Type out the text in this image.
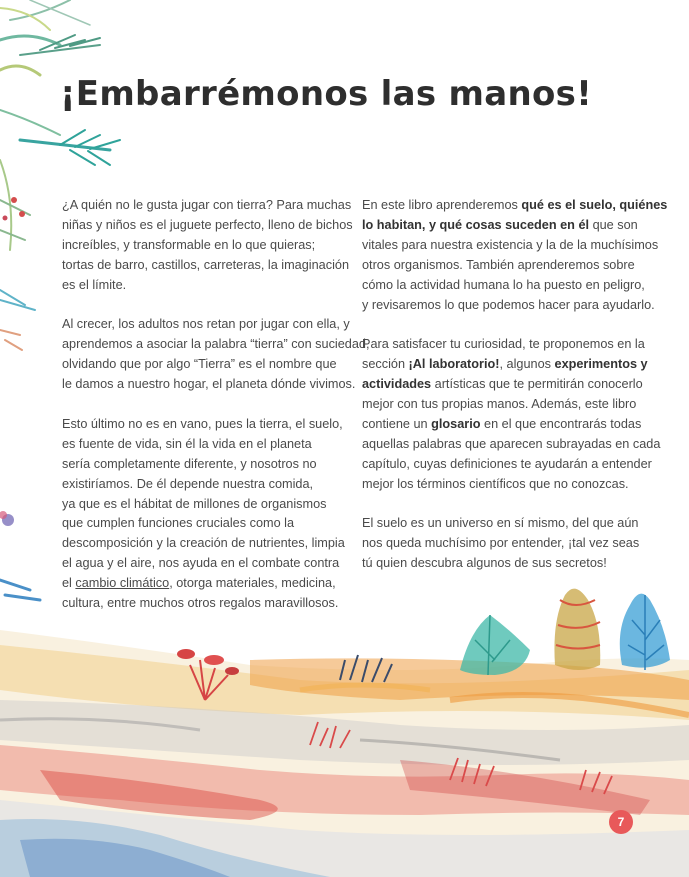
¡Embarrémonos las manos!

¿A quién no le gusta jugar con tierra? Para muchas
niñas y niños es el juguete perfecto, lleno de bichos
increíbles, y transformable en lo que quieras;
tortas de barro, castillos, carreteras, la imaginación
es el límite.

Al crecer, los adultos nos retan por jugar con ella, y
aprendemos a asociar la palabra “tierra” con suciedad,
olvidando que por algo “Tierra” es el nombre que
le damos a nuestro hogar, el planeta dónde vivimos.

Esto último no es en vano, pues la tierra, el suelo,
es fuente de vida, sin él la vida en el planeta
sería completamente diferente, y nosotros no
existiríamos. De él depende nuestra comida,
ya que es el hábitat de millones de organismos
que cumplen funciones cruciales como la
descomposición y la creación de nutrientes, limpia
el agua y el aire, nos ayuda en el combate contra
el cambio climático, otorga materiales, medicina,
cultura, entre muchos otros regalos maravillosos.

En este libro aprenderemos qué es el suelo, quiénes
lo habitan, y qué cosas suceden en él que son
vitales para nuestra existencia y la de la muchísimos
otros organismos. También aprenderemos sobre
cómo la actividad humana lo ha puesto en peligro,
y revisaremos lo que podemos hacer para ayudarlo.

Para satisfacer tu curiosidad, te proponemos en la
sección ¡Al laboratorio!, algunos experimentos y
actividades artísticas que te permitirán conocerlo
mejor con tus propias manos. Además, este libro
contiene un glosario en el que encontrarás todas
aquellas palabras que aparecen subrayadas en cada
capítulo, cuyas definiciones te ayudarán a entender
mejor los términos científicos que no conozcas.

El suelo es un universo en sí mismo, del que aún
nos queda muchísimo por entender, ¡tal vez seas
tú quien descubra algunos de sus secretos!

7
